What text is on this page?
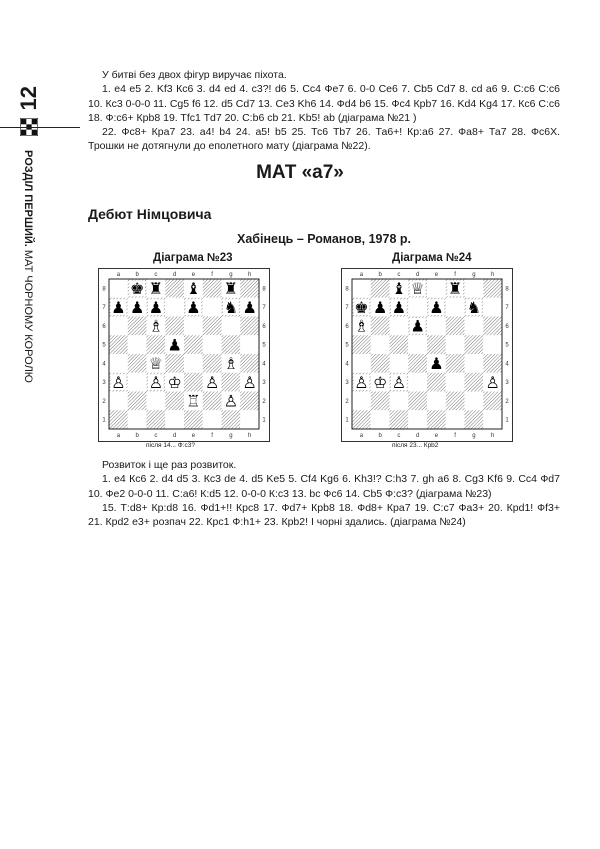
12
РОЗДІЛ ПЕРШИЙ. МАТ ЧОРНОМУ КОРОЛЮ

У битві без двох фігур виручає піхота.

1. е4 е5 2. Kf3 Кс6 3. d4 ed 4. с3?! d6 5. Сс4 Фе7 6. 0-0 Се6 7. Cb5 Cd7 8. cd а6 9. С:с6 С:с6 10. Кс3 0-0-0 11. Cg5 f6 12. d5 Cd7 13. Се3 Kh6 14. Фd4 b6 15. Фс4 Крb7 16. Kd4 Kg4 17. Кс6 С:с6 18. Ф:с6+ Крb8 19. Tfc1 Td7 20. С:b6 cb 21. Kb5! ab (діаграма №21 )

22. Фс8+ Кра7 23. а4! b4 24. а5! b5 25. Тс6 Tb7 26. Та6+! Кр:а6 27. Фа8+ Та7 28. Фс6Х. Трошки не дотягнули до еполетного мату (діаграма №22).

МАТ «а7»
Дебют Німцовича
Хабінець – Романов, 1978 р.
Діаграма №23
a
a
b
b
c
c
d
d
e
e
f
f
g
g
h
h
8	8
7	7
6	6
5	5
4	4
3	3
2	2
1	1
♚ ♜ ♝ ♜
♟ ♟ ♟ ♟ ♞ ♟
♗
♟
♕	♗
♙ ♙ ♔ ♙ ♙
♖ ♙
після 14... Ф:с3?
Діаграма №24
a
a
b
b
c
c
d
d
e
e
f
f
g
g
h
h
8	8
7	7
6	6
5	5
4	4
3	3
2	2
1	1
♝ ♕ ♜
♚ ♟ ♟ ♟ ♞
♗	♟
♟
♙ ♔ ♙	♙
після 23... Крb2

Розвиток і ще раз розвиток.

1. е4 Кс6 2. d4 d5 3. Кс3 de 4. d5 Ke5 5. Cf4 Kg6 6. Kh3!? C:h3 7. gh a6 8. Cg3 Kf6 9. Cc4 Фd7 10. Фе2 0-0-0 11. С:а6! К:d5 12. 0-0-0 К:с3 13. bc Фс6 14. Cb5 Ф:с3? (діаграма №23)

15. Т:d8+ Кр:d8 16. Фd1+!! Крс8 17. Фd7+ Крb8 18. Фd8+ Кра7 19. С:с7 Фа3+ 20. Крd1! Фf3+ 21. Крd2 е3+ розпач 22. Крс1 Ф:h1+ 23. Крb2! І чорні здались. (діаграма №24)
